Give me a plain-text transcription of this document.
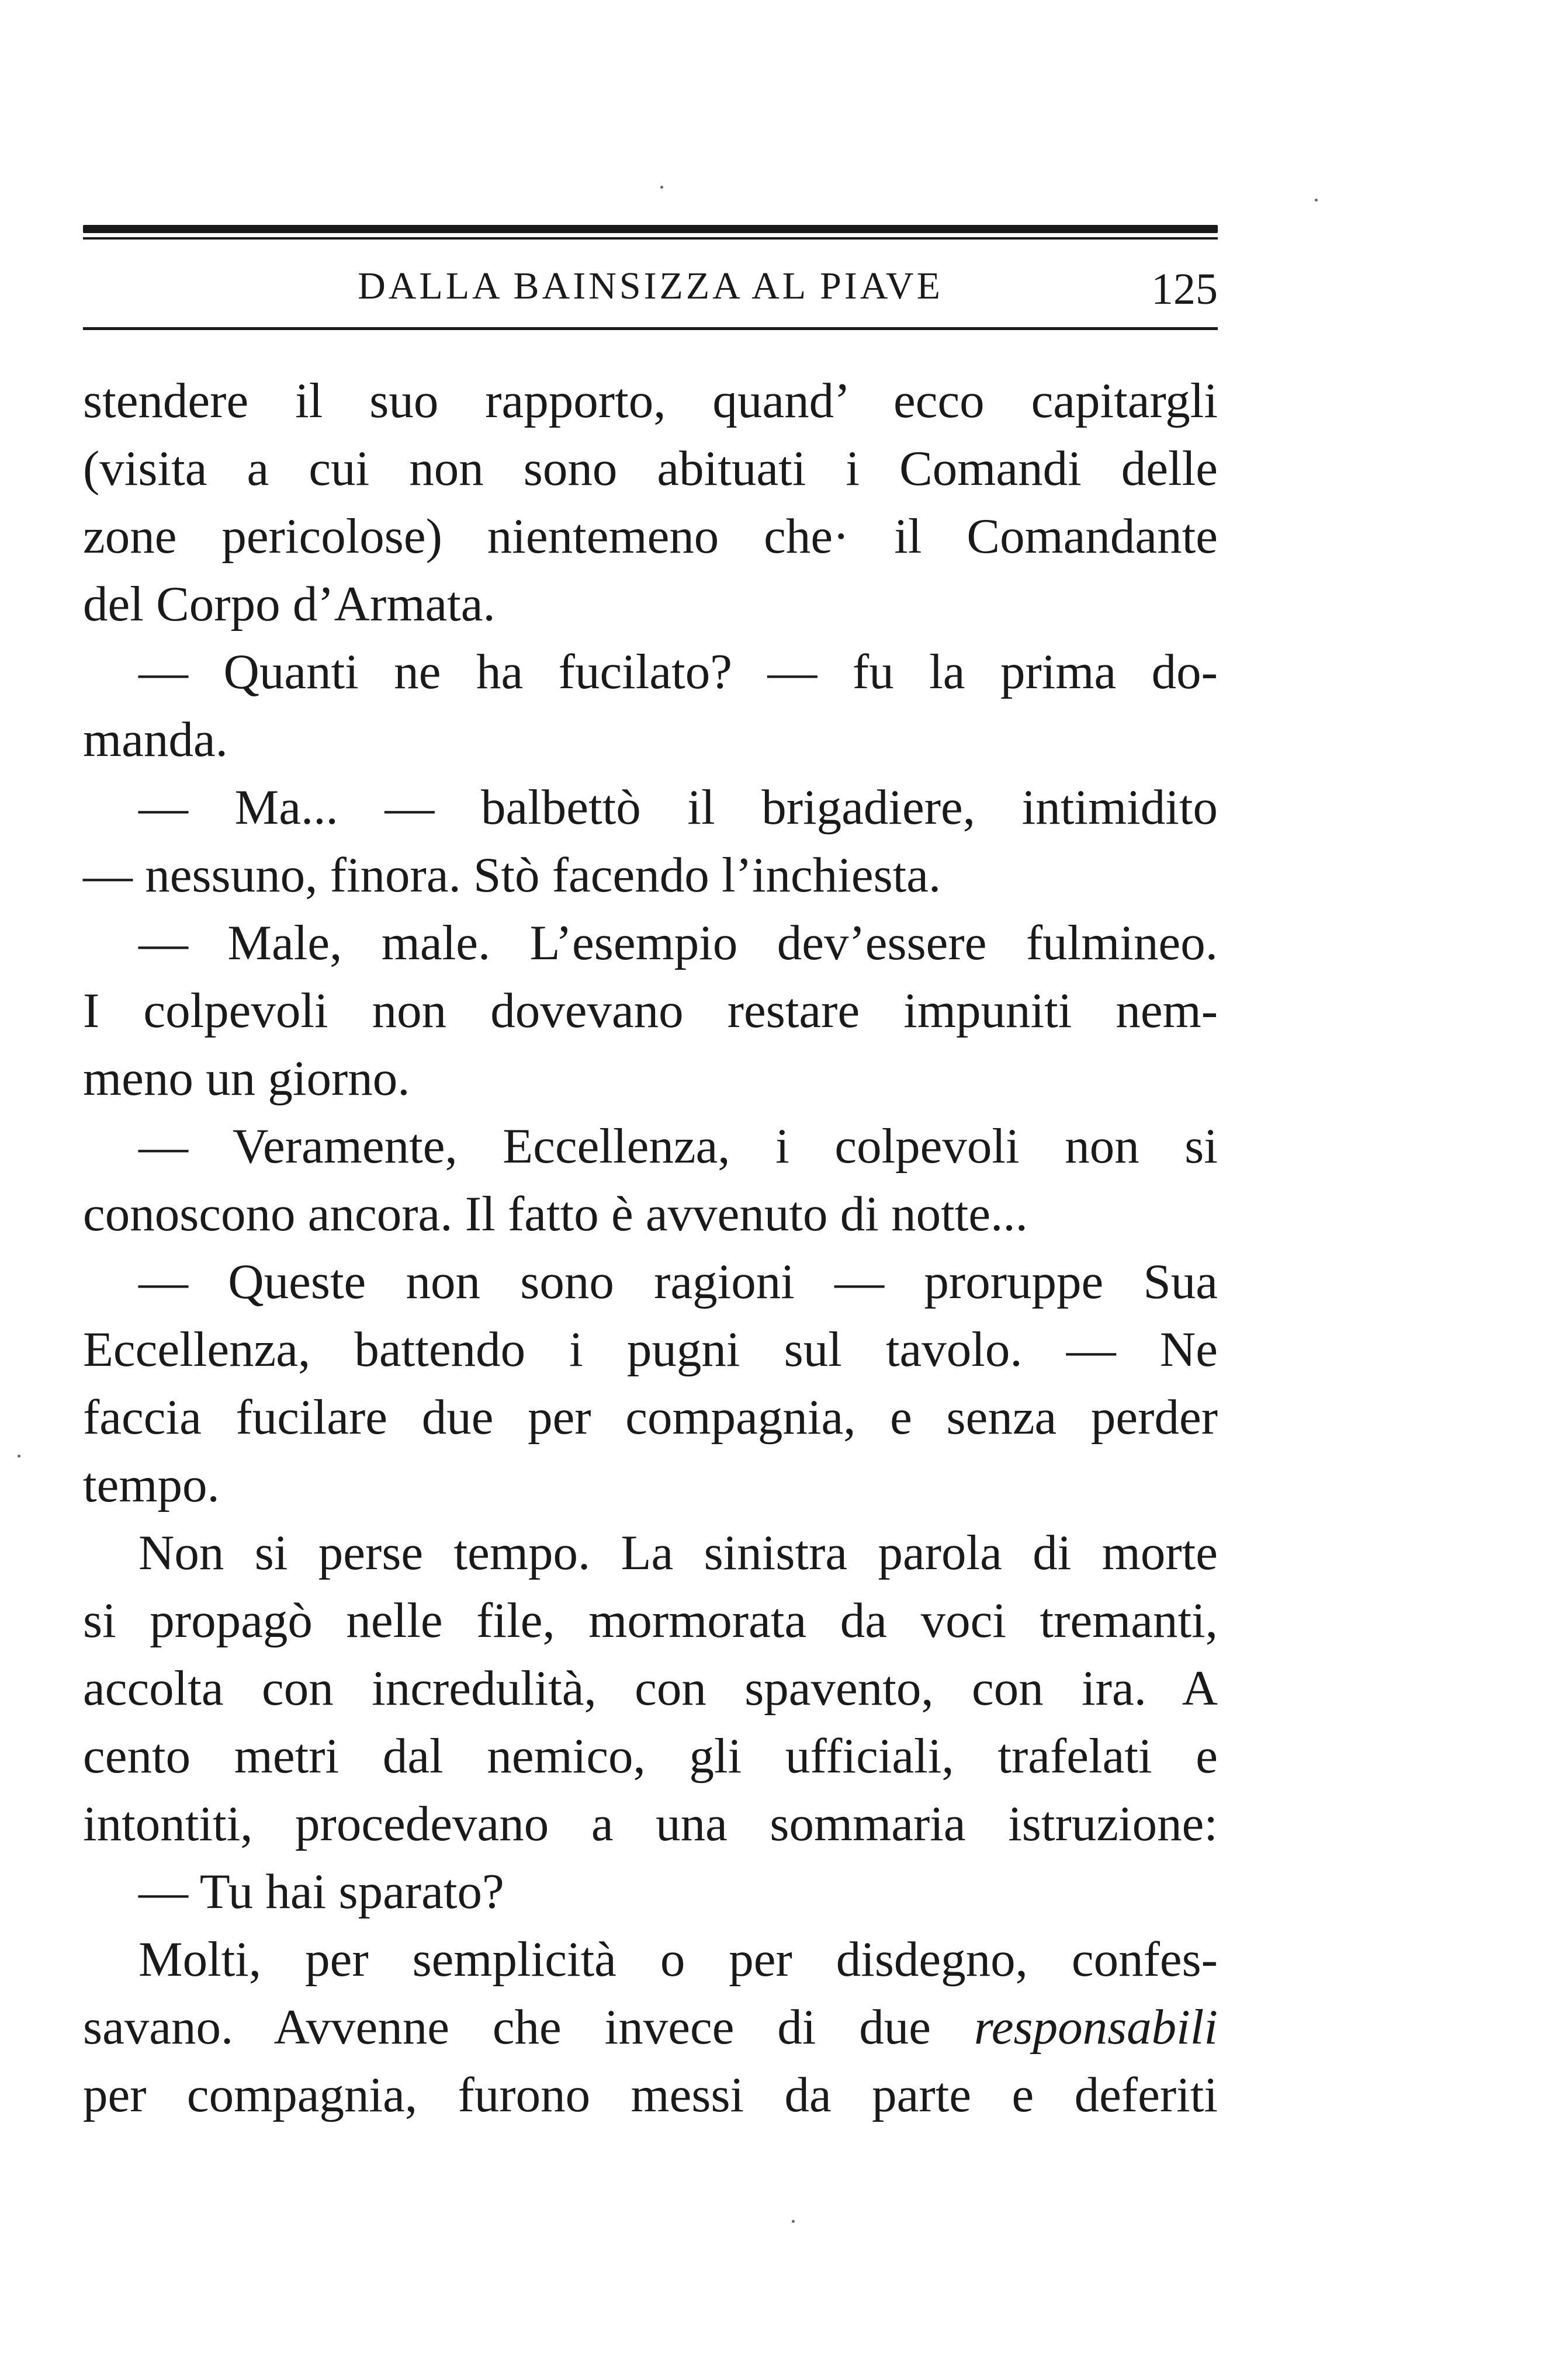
DALLA BAINSIZZA AL PIAVE	125
stendere il suo rapporto, quand’ ecco capitargli
(visita a cui non sono abituati i Comandi delle
zone pericolose) nientemeno che· il Comandante
del Corpo d’Armata.
— Quanti ne ha fucilato? — fu la prima do-
manda.
— Ma... — balbettò il brigadiere, intimidito
— nessuno, finora. Stò facendo l’inchiesta.
— Male, male. L’esempio dev’essere fulmineo.
I colpevoli non dovevano restare impuniti nem-
meno un giorno.
— Veramente, Eccellenza, i colpevoli non si
conoscono ancora. Il fatto è avvenuto di notte...
— Queste non sono ragioni — proruppe Sua
Eccellenza, battendo i pugni sul tavolo. — Ne
faccia fucilare due per compagnia, e senza perder
tempo.
Non si perse tempo. La sinistra parola di morte
si propagò nelle file, mormorata da voci tremanti,
accolta con incredulità, con spavento, con ira. A
cento metri dal nemico, gli ufficiali, trafelati e
intontiti, procedevano a una sommaria istruzione:
— Tu hai sparato?
Molti, per semplicità o per disdegno, confes-
savano. Avvenne che invece di due responsabili
per compagnia, furono messi da parte e deferiti
